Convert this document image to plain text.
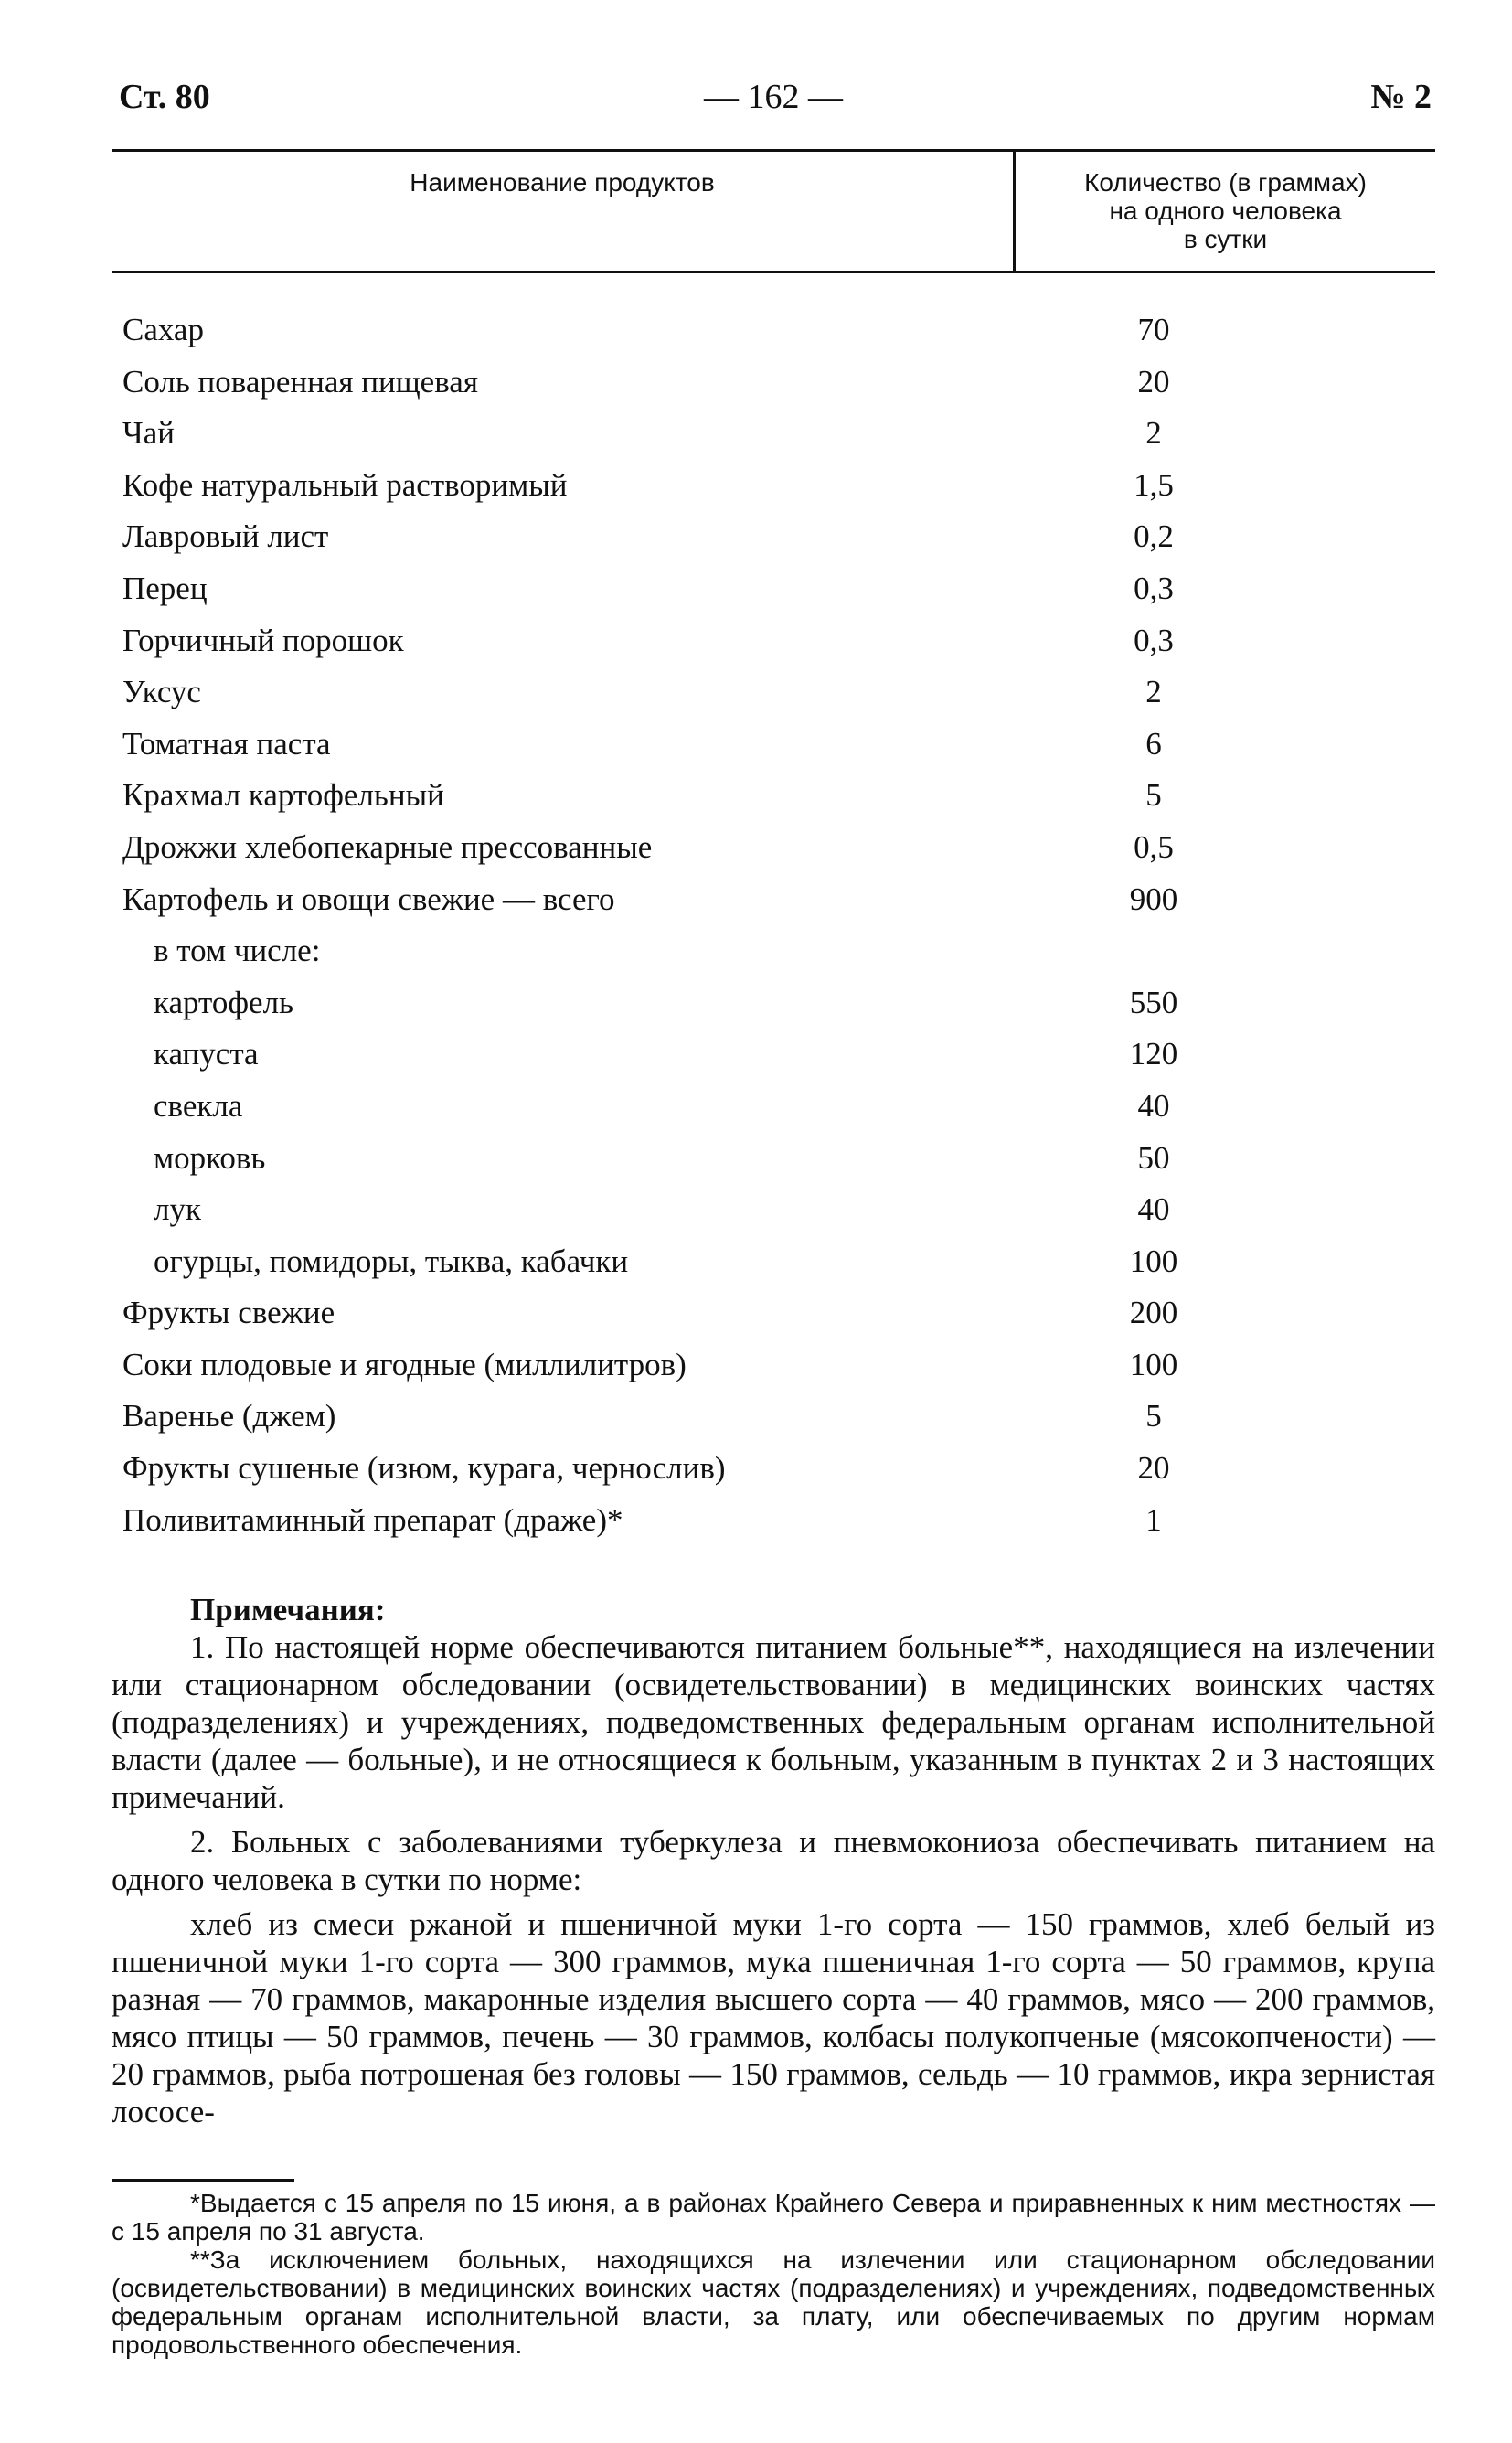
Ст. 80	— 162 —	№ 2
Наименование продуктов	Количество (в граммах)
на одного человека
в сутки
Сахар	70
Соль поваренная пищевая	20
Чай	2
Кофе натуральный растворимый	1,5
Лавровый лист	0,2
Перец	0,3
Горчичный порошок	0,3
Уксус	2
Томатная паста	6
Крахмал картофельный	5
Дрожжи хлебопекарные прессованные	0,5
Картофель и овощи свежие — всего	900
в том числе:
картофель	550
капуста	120
свекла	40
морковь	50
лук	40
огурцы, помидоры, тыква, кабачки	100
Фрукты свежие	200
Соки плодовые и ягодные (миллилитров)	100
Варенье (джем)	5
Фрукты сушеные (изюм, курага, чернослив)	20
Поливитаминный препарат (драже)*	1
Примечания:

1. По настоящей норме обеспечиваются питанием больные**, находящиеся на излечении или стационарном обследовании (освидетельствовании) в медицинских воинских частях (подразделениях) и учреждениях, подведомственных федеральным органам исполнительной власти (далее — больные), и не относящиеся к больным, указанным в пунктах 2 и 3 настоящих примечаний.

2. Больных с заболеваниями туберкулеза и пневмокониоза обеспечивать питанием на одного человека в сутки по норме:

хлеб из смеси ржаной и пшеничной муки 1-го сорта — 150 граммов, хлеб белый из пшеничной муки 1-го сорта — 300 граммов, мука пшеничная 1-го сорта — 50 граммов, крупа разная — 70 граммов, макаронные изделия высшего сорта — 40 граммов, мясо — 200 граммов, мясо птицы — 50 граммов, печень — 30 граммов, колбасы полукопченые (мясокопчености) — 20 граммов, рыба потрошеная без головы — 150 граммов, сельдь — 10 граммов, икра зернистая лососе-

*Выдается с 15 апреля по 15 июня, а в районах Крайнего Севера и приравненных к ним местностях — с 15 апреля по 31 августа.

**За исключением больных, находящихся на излечении или стационарном обследовании (освидетельствовании) в медицинских воинских частях (подразделениях) и учреждениях, подведомственных федеральным органам исполнительной власти, за плату, или обеспечиваемых по другим нормам продовольственного обеспечения.
